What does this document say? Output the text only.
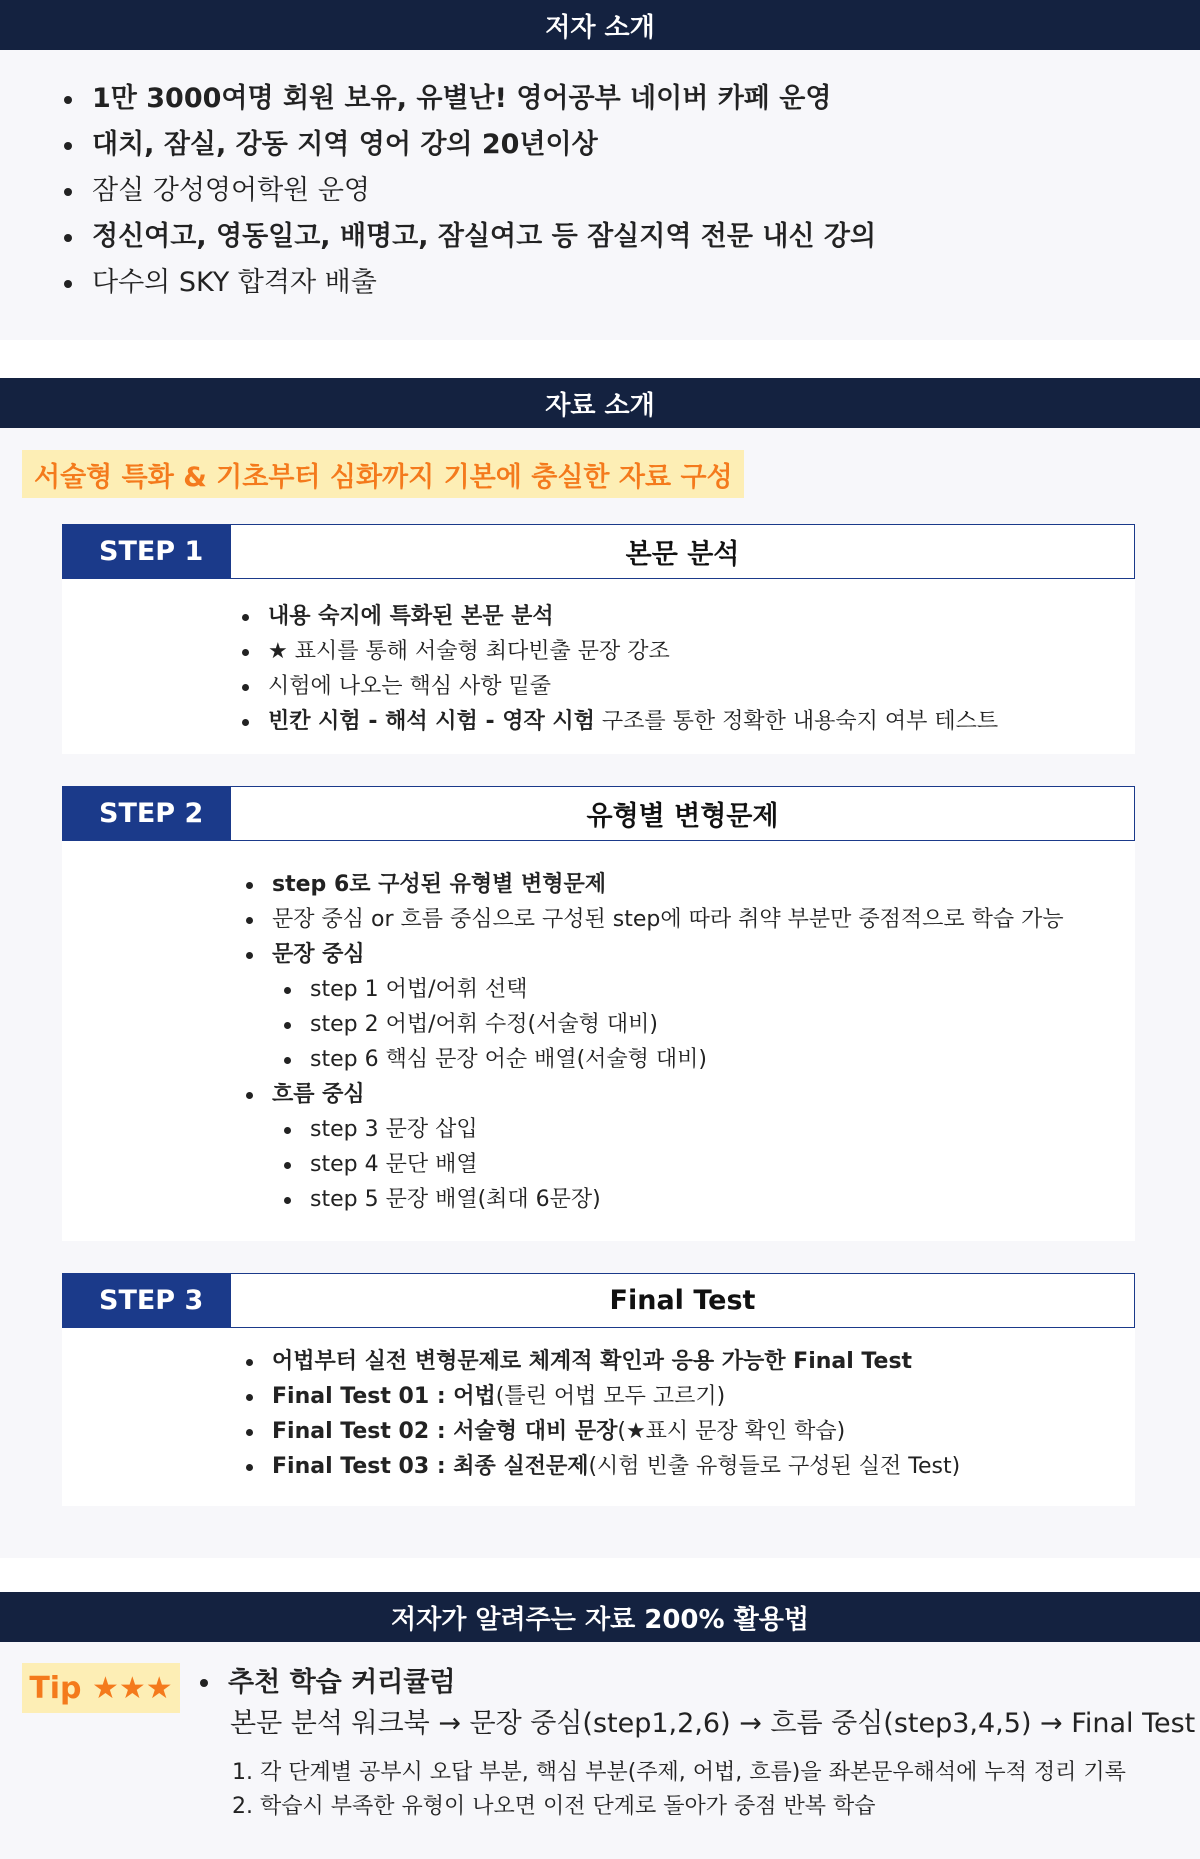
저자 소개
1만 3000여명 회원 보유, 유별난! 영어공부 네이버 카페 운영
대치, 잠실, 강동 지역 영어 강의 20년이상
잠실 강성영어학원 운영
정신여고, 영동일고, 배명고, 잠실여고 등 잠실지역 전문 내신 강의
다수의 SKY 합격자 배출
자료 소개
서술형 특화 & 기초부터 심화까지 기본에 충실한 자료 구성
STEP 1	본문 분석
내용 숙지에 특화된 본문 분석
★ 표시를 통해 서술형 최다빈출 문장 강조
시험에 나오는 핵심 사항 밑줄
빈칸 시험 - 해석 시험 - 영작 시험 구조를 통한 정확한 내용숙지 여부 테스트
STEP 2	유형별 변형문제
step 6로 구성된 유형별 변형문제
문장 중심 or 흐름 중심으로 구성된 step에 따라 취약 부분만 중점적으로 학습 가능
문장 중심
step 1 어법/어휘 선택
step 2 어법/어휘 수정(서술형 대비)
step 6 핵심 문장 어순 배열(서술형 대비)
흐름 중심
step 3 문장 삽입
step 4 문단 배열
step 5 문장 배열(최대 6문장)
STEP 3	Final Test
어법부터 실전 변형문제로 체계적 확인과 응용 가능한 Final Test
Final Test 01 : 어법(틀린 어법 모두 고르기)
Final Test 02 : 서술형 대비 문장(★표시 문장 확인 학습)
Final Test 03 : 최종 실전문제(시험 빈출 유형들로 구성된 실전 Test)
저자가 알려주는 자료 200% 활용법
Tip ★★★	추천 학습 커리큘럼
본문 분석 워크북 → 문장 중심(step1,2,6) → 흐름 중심(step3,4,5) → Final Test
1. 각 단계별 공부시 오답 부분, 핵심 부분(주제, 어법, 흐름)을 좌본문우해석에 누적 정리 기록
2. 학습시 부족한 유형이 나오면 이전 단계로 돌아가 중점 반복 학습
